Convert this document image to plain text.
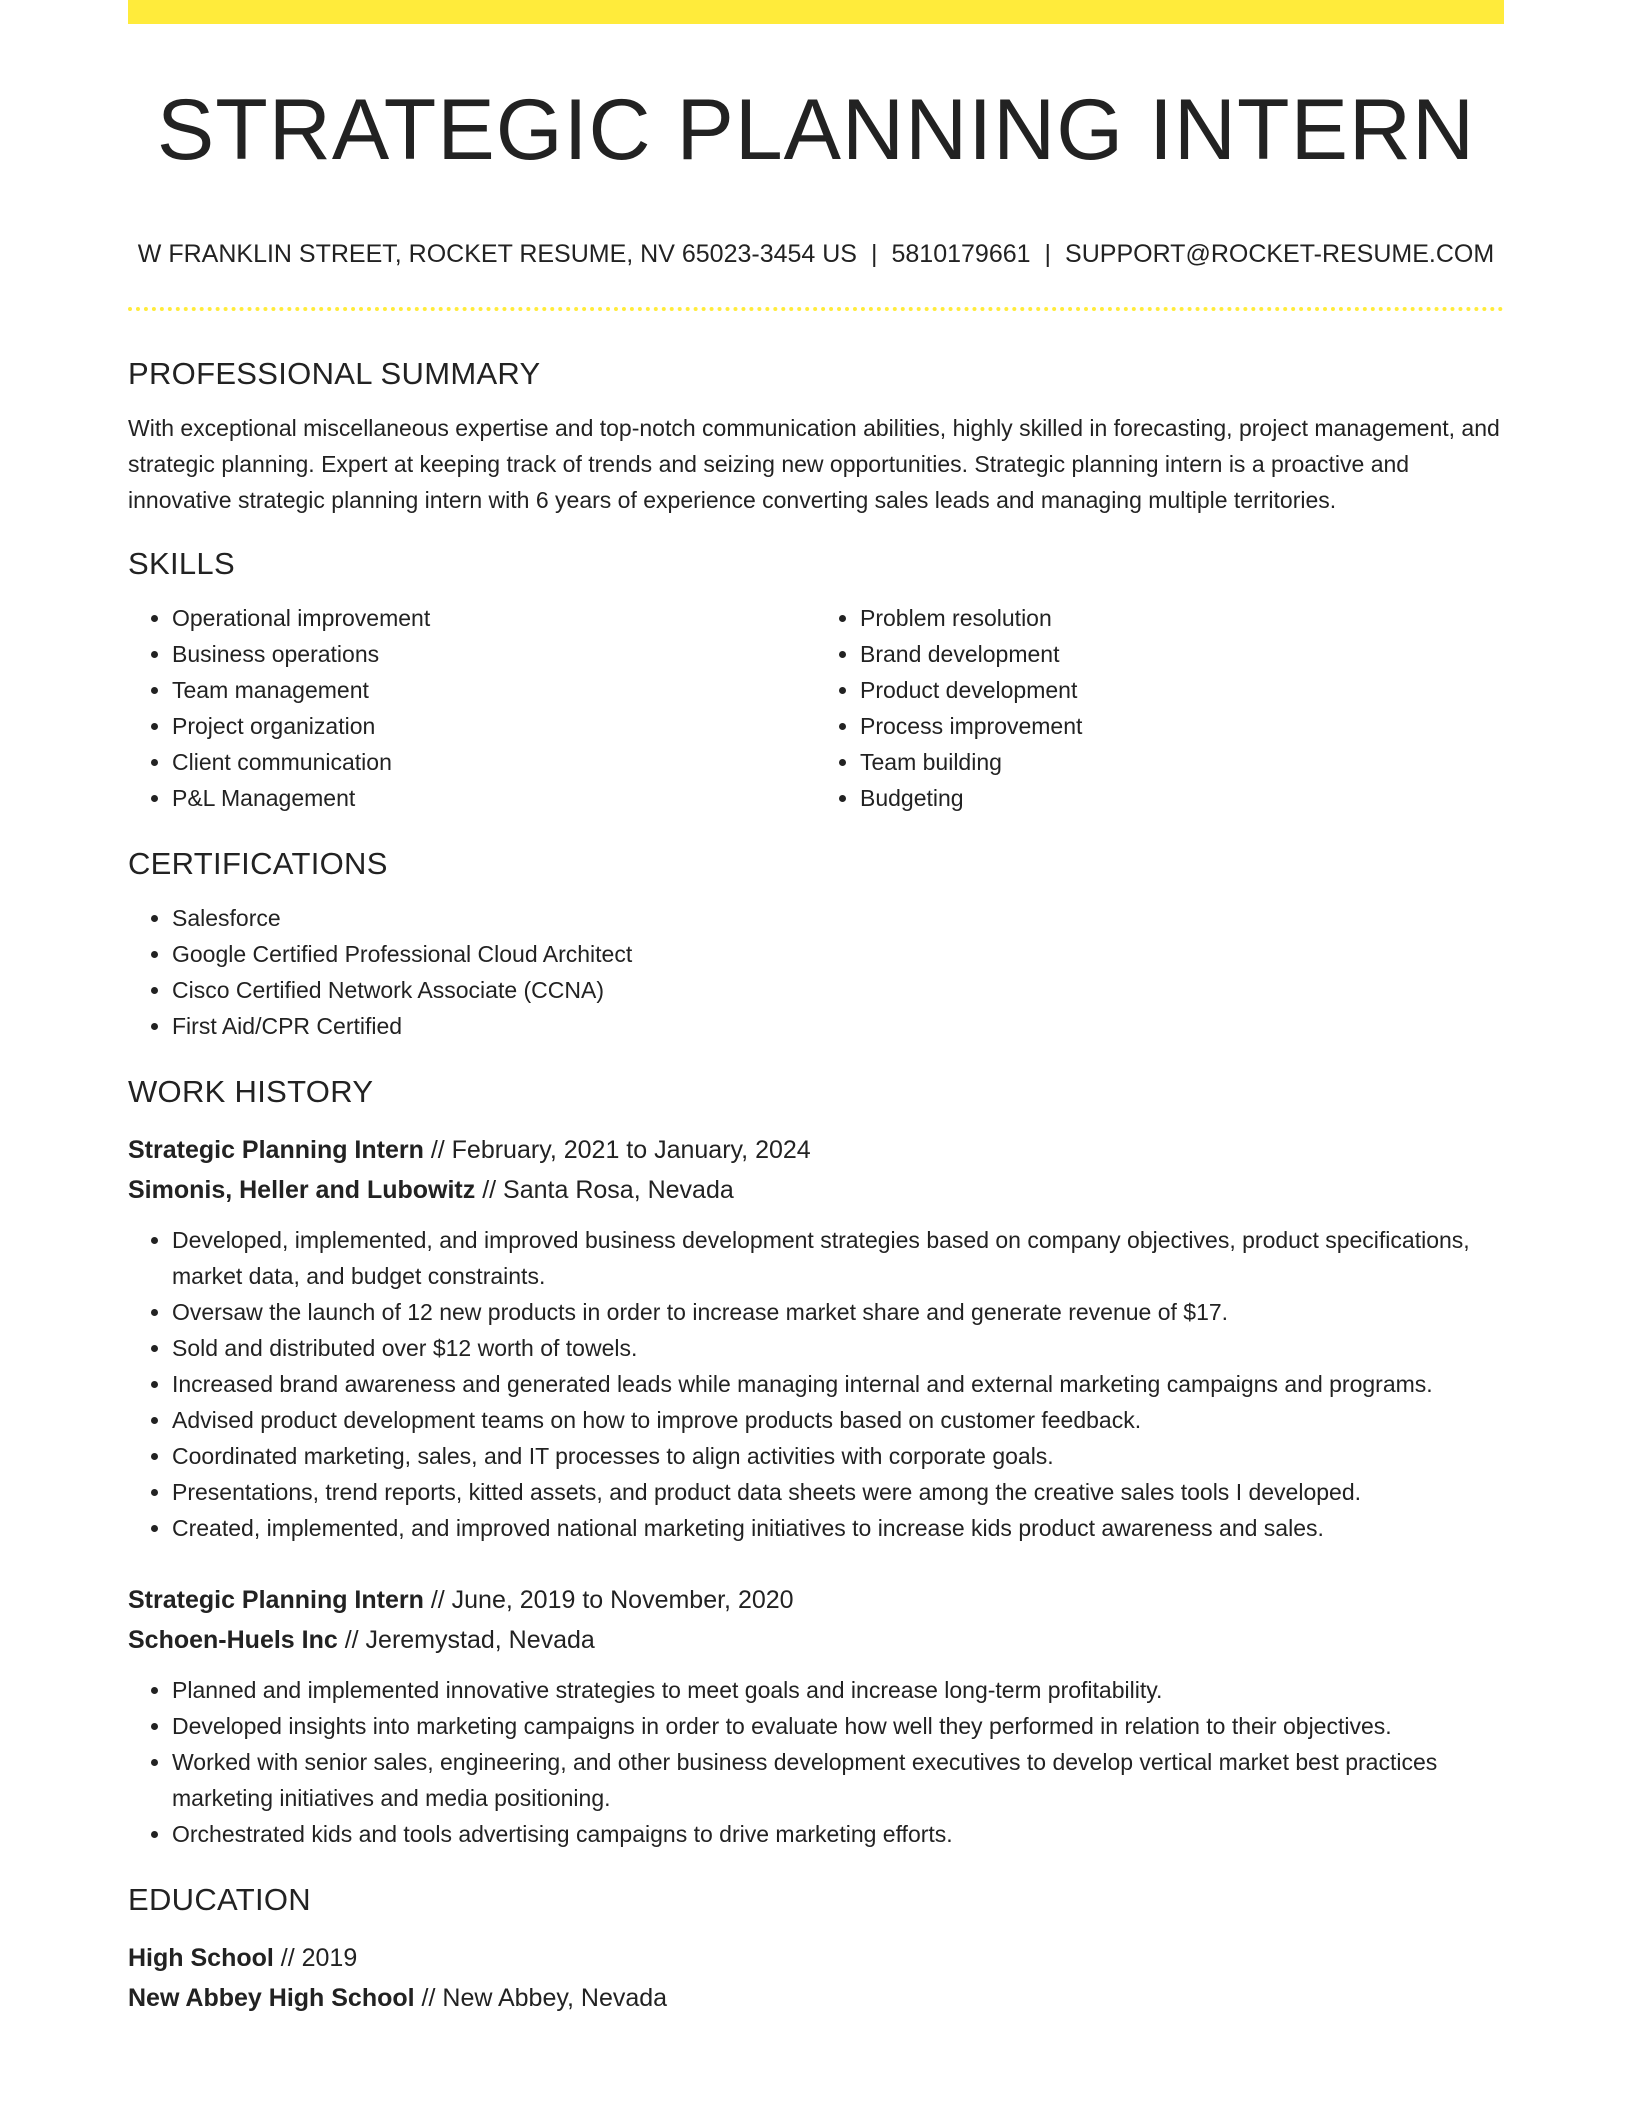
STRATEGIC PLANNING INTERN
W FRANKLIN STREET, ROCKET RESUME, NV 65023-3454 US | 5810179661 | SUPPORT@ROCKET-RESUME.COM
PROFESSIONAL SUMMARY

With exceptional miscellaneous expertise and top-notch communication abilities, highly skilled in forecasting, project management, and strategic planning. Expert at keeping track of trends and seizing new opportunities. Strategic planning intern is a proactive and innovative strategic planning intern with 6 years of experience converting sales leads and managing multiple territories.

SKILLS
• Operational improvement
• Business operations
• Team management
• Project organization
• Client communication
• P&L Management
• Problem resolution
• Brand development
• Product development
• Process improvement
• Team building
• Budgeting
CERTIFICATIONS
• Salesforce
• Google Certified Professional Cloud Architect
• Cisco Certified Network Associate (CCNA)
• First Aid/CPR Certified
WORK HISTORY
Strategic Planning Intern // February, 2021 to January, 2024
Simonis, Heller and Lubowitz // Santa Rosa, Nevada
• Developed, implemented, and improved business development strategies based on company objectives, product specifications, market data, and budget constraints.
• Oversaw the launch of 12 new products in order to increase market share and generate revenue of $17.
• Sold and distributed over $12 worth of towels.
• Increased brand awareness and generated leads while managing internal and external marketing campaigns and programs.
• Advised product development teams on how to improve products based on customer feedback.
• Coordinated marketing, sales, and IT processes to align activities with corporate goals.
• Presentations, trend reports, kitted assets, and product data sheets were among the creative sales tools I developed.
• Created, implemented, and improved national marketing initiatives to increase kids product awareness and sales.
Strategic Planning Intern // June, 2019 to November, 2020
Schoen-Huels Inc // Jeremystad, Nevada
• Planned and implemented innovative strategies to meet goals and increase long-term profitability.
• Developed insights into marketing campaigns in order to evaluate how well they performed in relation to their objectives.
• Worked with senior sales, engineering, and other business development executives to develop vertical market best practices marketing initiatives and media positioning.
• Orchestrated kids and tools advertising campaigns to drive marketing efforts.
EDUCATION
High School // 2019
New Abbey High School // New Abbey, Nevada
